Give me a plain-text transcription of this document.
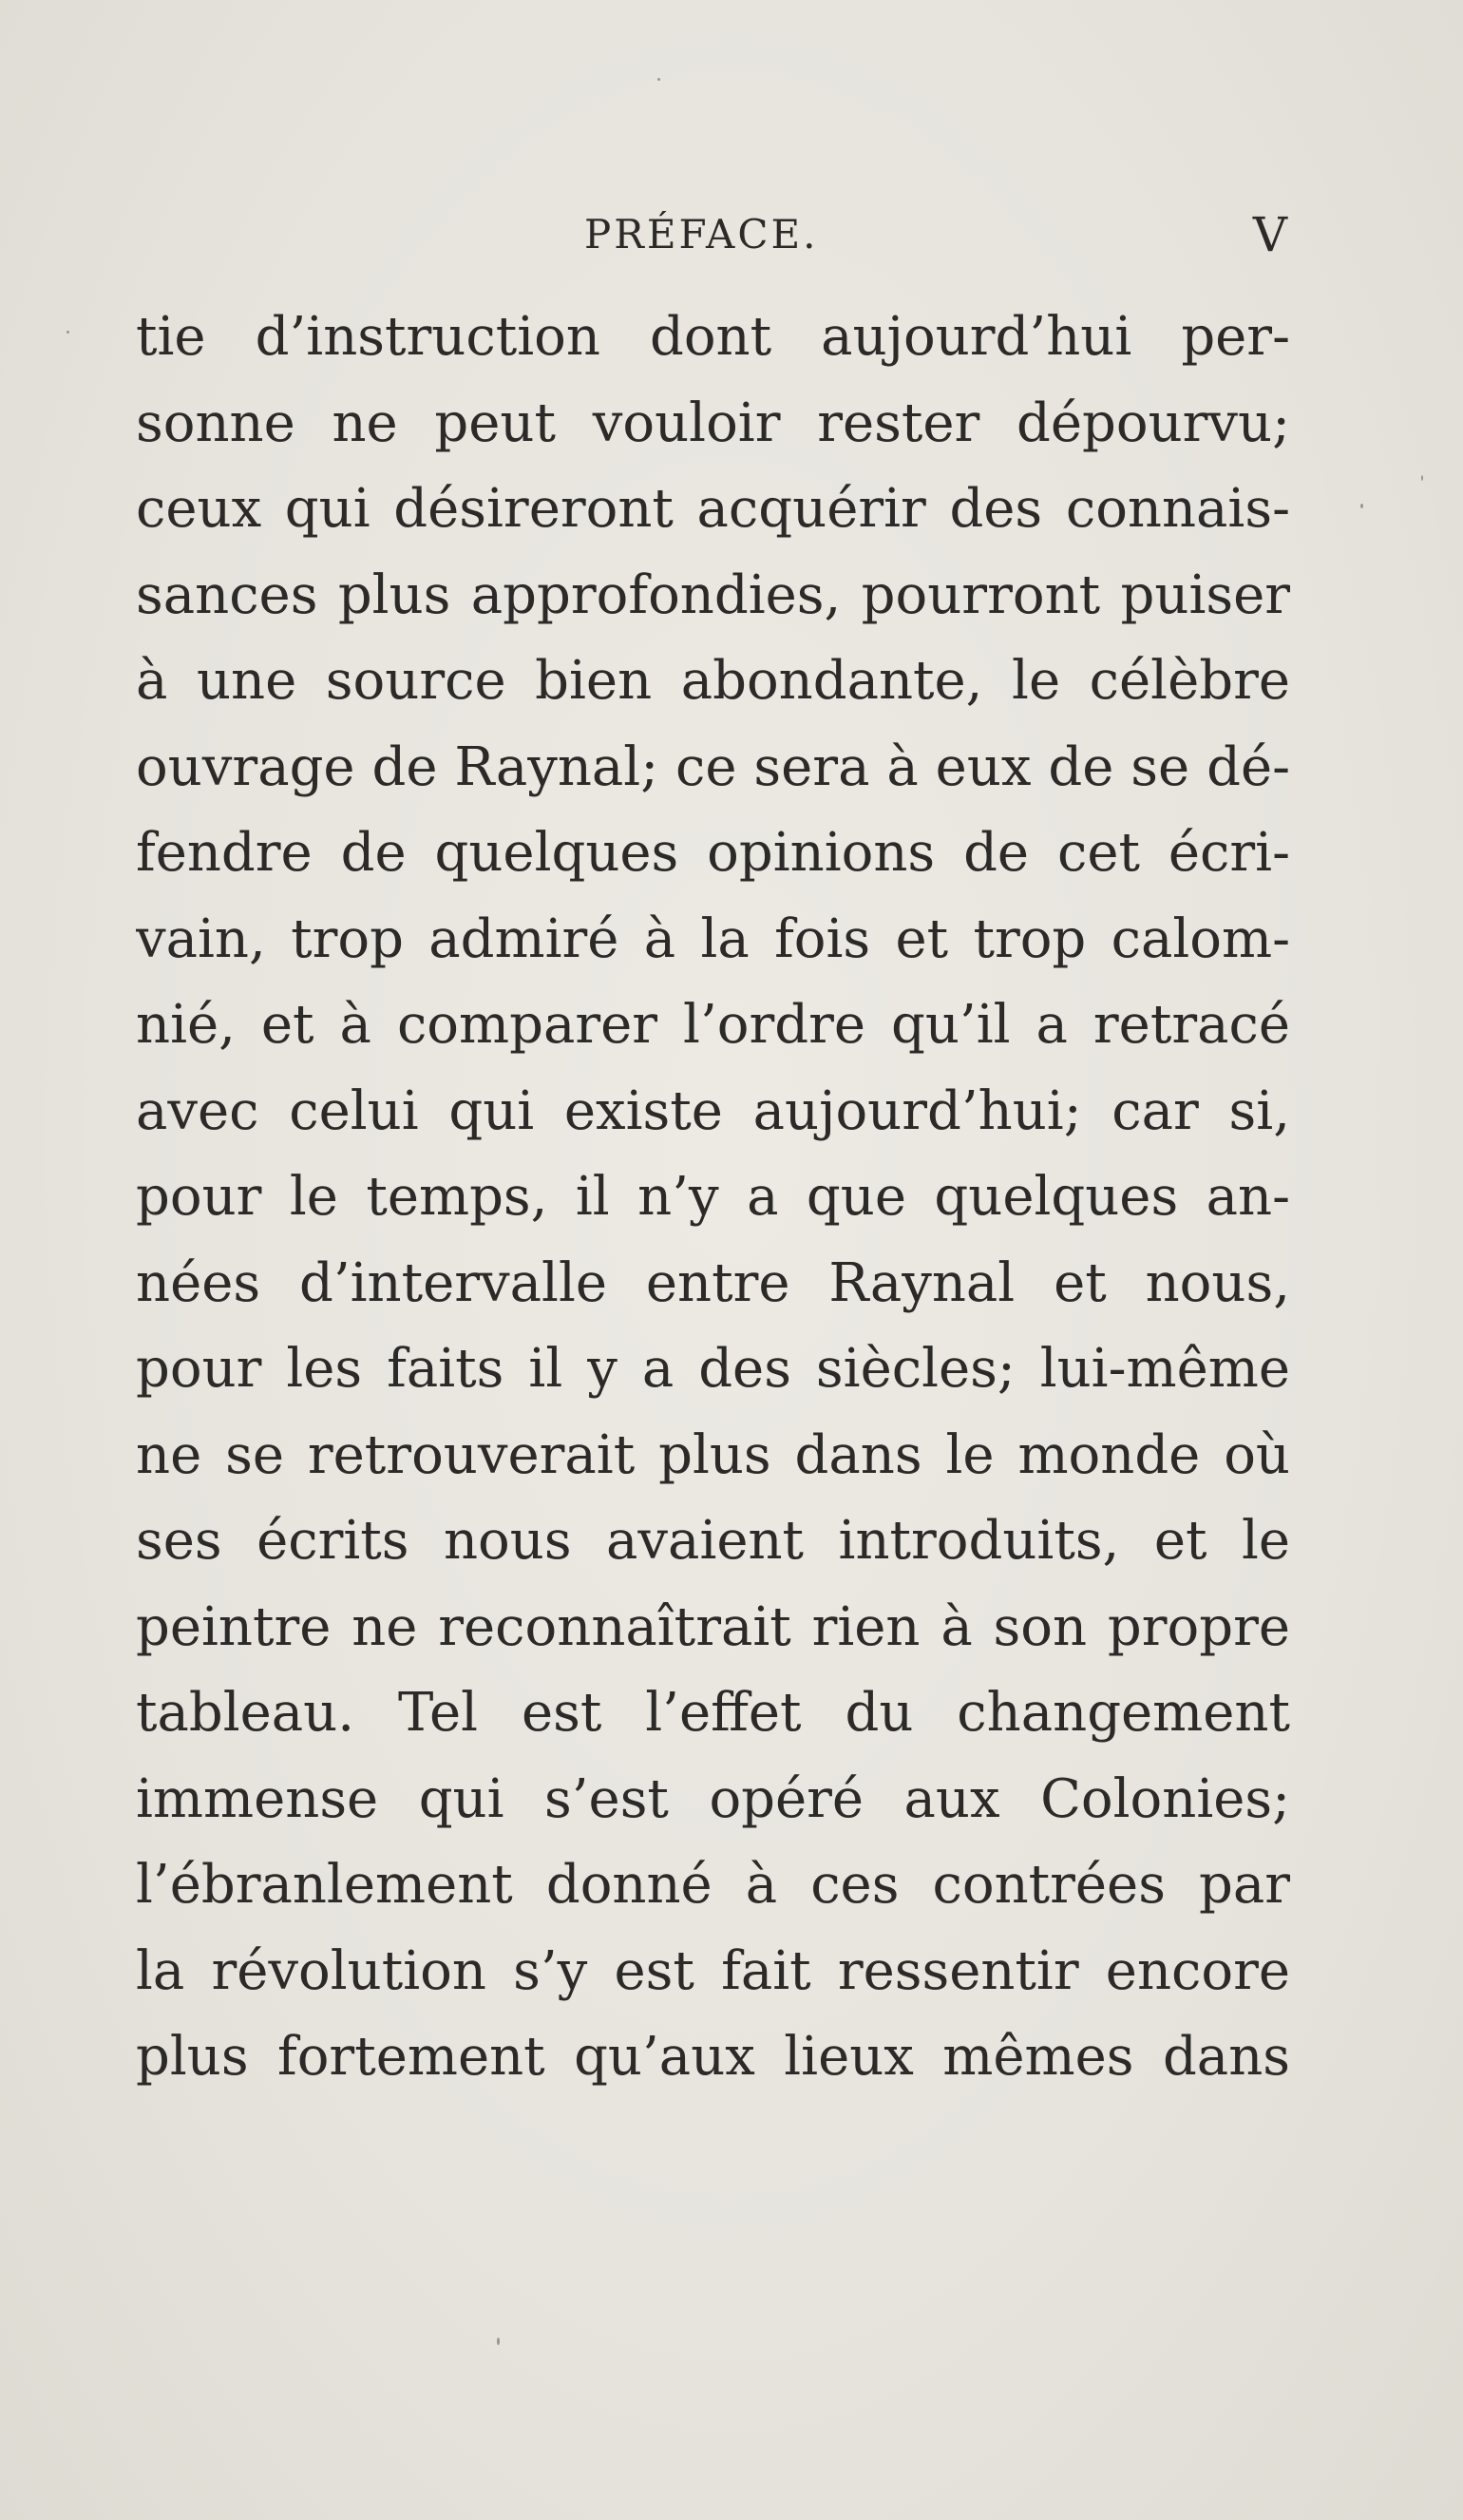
PRÉFACE.	V
tie d’instruction dont aujourd’hui per-
sonne ne peut vouloir rester dépourvu;
ceux qui désireront acquérir des connais-
sances plus approfondies, pourront puiser
à une source bien abondante, le célèbre
ouvrage de Raynal; ce sera à eux de se dé-
fendre de quelques opinions de cet écri-
vain, trop admiré à la fois et trop calom-
nié, et à comparer l’ordre qu’il a retracé
avec celui qui existe aujourd’hui; car si,
pour le temps, il n’y a que quelques an-
nées d’intervalle entre Raynal et nous,
pour les faits il y a des siècles; lui-même
ne se retrouverait plus dans le monde où
ses écrits nous avaient introduits, et le
peintre ne reconnaîtrait rien à son propre
tableau. Tel est l’effet du changement
immense qui s’est opéré aux Colonies;
l’ébranlement donné à ces contrées par
la révolution s’y est fait ressentir encore
plus fortement qu’aux lieux mêmes dans
